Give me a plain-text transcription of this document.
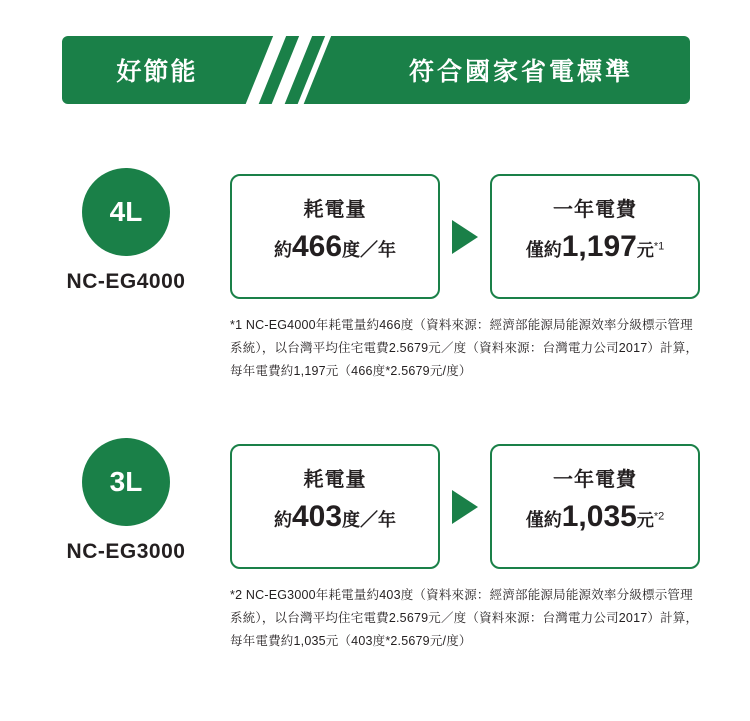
好節能	符合國家省電標準
4L
NC-EG4000
耗電量
約466度／年
一年電費
僅約1,197元$^{*1}$
*1 NC-EG4000年耗電量約466度（資料來源：經濟部能源局能源效率分級標示管理系統），以台灣平均住宅電費2.5679元／度（資料來源：台灣電力公司2017）計算，每年電費約1,197元（466度*2.5679元/度）
3L
NC-EG3000
耗電量
約403度／年
一年電費
僅約1,035元$^{*2}$
*2 NC-EG3000年耗電量約403度（資料來源：經濟部能源局能源效率分級標示管理系統），以台灣平均住宅電費2.5679元／度（資料來源：台灣電力公司2017）計算，每年電費約1,035元（403度*2.5679元/度）
